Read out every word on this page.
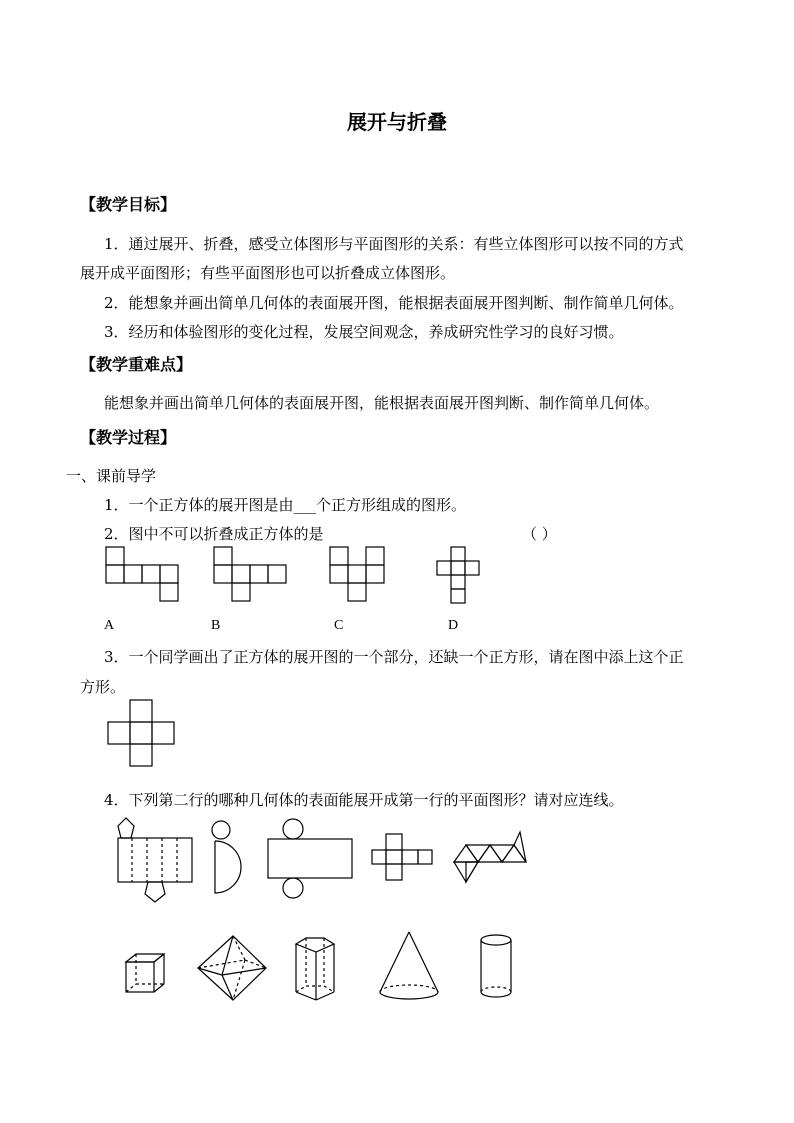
展开与折叠
【教学目标】
1．通过展开、折叠，感受立体图形与平面图形的关系：有些立体图形可以按不同的方式
展开成平面图形；有些平面图形也可以折叠成立体图形。
2．能想象并画出简单几何体的表面展开图，能根据表面展开图判断、制作简单几何体。
3．经历和体验图形的变化过程，发展空间观念，养成研究性学习的良好习惯。
【教学重难点】
能想象并画出简单几何体的表面展开图，能根据表面展开图判断、制作简单几何体。
【教学过程】
一、课前导学
1．一个正方体的展开图是由___个正方形组成的图形。
2．图中不可以折叠成正方体的是	（ ）
A	B	C	D
3．一个同学画出了正方体的展开图的一个部分，还缺一个正方形，请在图中添上这个正
方形。
4．下列第二行的哪种几何体的表面能展开成第一行的平面图形？请对应连线。
